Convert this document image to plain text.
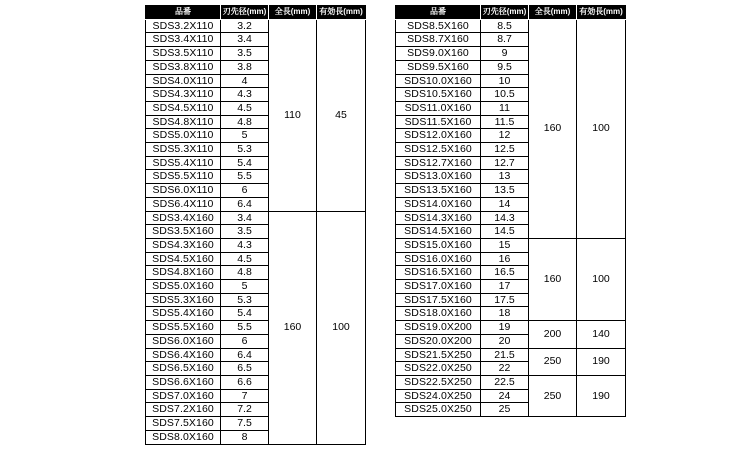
品番	刃先径(mm)	全長(mm)	有効長(mm)
SDS3.2X110	3.2	110	45
SDS3.4X110	3.4		
SDS3.5X110	3.5		
SDS3.8X110	3.8		
SDS4.0X110	4		
SDS4.3X110	4.3		
SDS4.5X110	4.5		
SDS4.8X110	4.8		
SDS5.0X110	5		
SDS5.3X110	5.3		
SDS5.4X110	5.4		
SDS5.5X110	5.5		
SDS6.0X110	6		
SDS6.4X110	6.4		
SDS3.4X160	3.4	160	100
SDS3.5X160	3.5		
SDS4.3X160	4.3		
SDS4.5X160	4.5		
SDS4.8X160	4.8		
SDS5.0X160	5		
SDS5.3X160	5.3		
SDS5.4X160	5.4		
SDS5.5X160	5.5		
SDS6.0X160	6		
SDS6.4X160	6.4		
SDS6.5X160	6.5		
SDS6.6X160	6.6		
SDS7.0X160	7		
SDS7.2X160	7.2		
SDS7.5X160	7.5		
SDS8.0X160	8		
品番	刃先径(mm)	全長(mm)	有効長(mm)
SDS8.5X160	8.5	160	100
SDS8.7X160	8.7		
SDS9.0X160	9		
SDS9.5X160	9.5		
SDS10.0X160	10		
SDS10.5X160	10.5		
SDS11.0X160	11		
SDS11.5X160	11.5		
SDS12.0X160	12		
SDS12.5X160	12.5		
SDS12.7X160	12.7		
SDS13.0X160	13		
SDS13.5X160	13.5		
SDS14.0X160	14		
SDS14.3X160	14.3		
SDS14.5X160	14.5		
SDS15.0X160	15	160	100
SDS16.0X160	16		
SDS16.5X160	16.5		
SDS17.0X160	17		
SDS17.5X160	17.5		
SDS18.0X160	18		
SDS19.0X200	19	200	140
SDS20.0X200	20		
SDS21.5X250	21.5	250	190
SDS22.0X250	22		
SDS22.5X250	22.5	250	190
SDS24.0X250	24		
SDS25.0X250	25		
